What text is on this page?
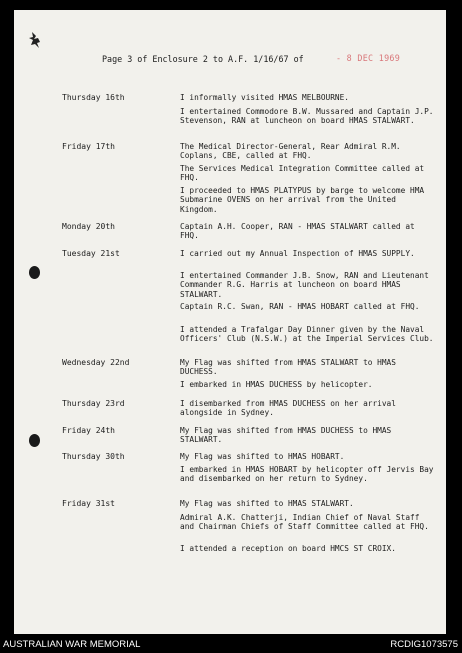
Page 3 of Enclosure 2 to A.F. 1/16/67 of	- 8 DEC 1969
Thursday 16th	I informally visited HMAS MELBOURNE.
I entertained Commodore B.W. Mussared and Captain J.P. Stevenson, RAN at luncheon on board HMAS STALWART.
Friday 17th	The Medical Director-General, Rear Admiral R.M. Coplans, CBE, called at FHQ.
The Services Medical Integration Committee called at FHQ.
I proceeded to HMAS PLATYPUS by barge to welcome HMA Submarine OVENS on her arrival from the United Kingdom.
Monday 20th	Captain A.H. Cooper, RAN - HMAS STALWART called at FHQ.
Tuesday 21st	I carried out my Annual Inspection of HMAS SUPPLY.
I entertained Commander J.B. Snow, RAN and Lieutenant Commander R.G. Harris at luncheon on board HMAS STALWART.
Captain R.C. Swan, RAN - HMAS HOBART called at FHQ.
I attended a Trafalgar Day Dinner given by the Naval Officers' Club (N.S.W.) at the Imperial Services Club.
Wednesday 22nd	My Flag was shifted from HMAS STALWART to HMAS DUCHESS.
I embarked in HMAS DUCHESS by helicopter.
Thursday 23rd	I disembarked from HMAS DUCHESS on her arrival alongside in Sydney.
Friday 24th	My Flag was shifted from HMAS DUCHESS to HMAS STALWART.
Thursday 30th	My Flag was shifted to HMAS HOBART.
I embarked in HMAS HOBART by helicopter off Jervis Bay and disembarked on her return to Sydney.
Friday 31st	My Flag was shifted to HMAS STALWART.
Admiral A.K. Chatterji, Indian Chief of Naval Staff and Chairman Chiefs of Staff Committee called at FHQ.
I attended a reception on board HMCS ST CROIX.
AUSTRALIAN WAR MEMORIAL	RCDIG1073575
